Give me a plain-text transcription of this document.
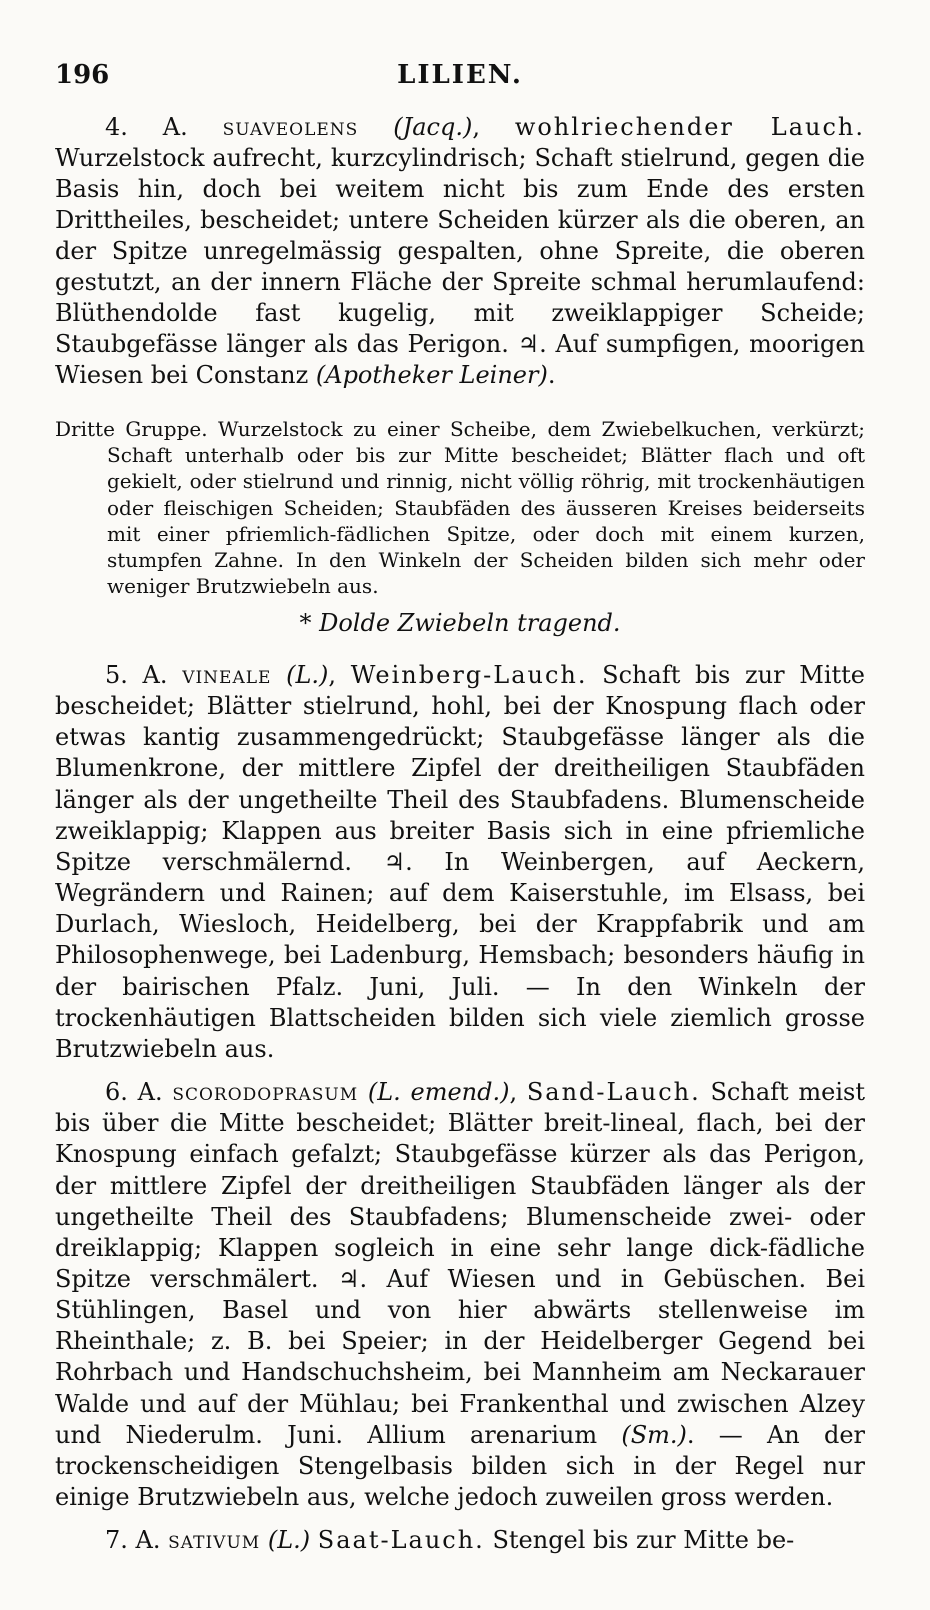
196	LILIEN.

4. A. suaveolens (Jacq.), wohlriechender Lauch. Wurzelstock aufrecht, kurzcylindrisch; Schaft stielrund, gegen die Basis hin, doch bei weitem nicht bis zum Ende des ersten Drittheiles, bescheidet; untere Scheiden kürzer als die oberen, an der Spitze unregelmässig gespalten, ohne Spreite, die oberen gestutzt, an der innern Fläche der Spreite schmal herumlaufend: Blüthendolde fast kugelig, mit zweiklappiger Scheide; Staubgefässe länger als das Perigon. ♃. Auf sumpfigen, moorigen Wiesen bei Constanz (Apotheker Leiner).

Dritte Gruppe. Wurzelstock zu einer Scheibe, dem Zwiebelkuchen, verkürzt; Schaft unterhalb oder bis zur Mitte bescheidet; Blätter flach und oft gekielt, oder stielrund und rinnig, nicht völlig röhrig, mit trockenhäutigen oder fleischigen Scheiden; Staubfäden des äusseren Kreises beiderseits mit einer pfriemlich-fädlichen Spitze, oder doch mit einem kurzen, stumpfen Zahne. In den Winkeln der Scheiden bilden sich mehr oder weniger Brutzwiebeln aus.

* Dolde Zwiebeln tragend.

5. A. vineale (L.), Weinberg-Lauch. Schaft bis zur Mitte bescheidet; Blätter stielrund, hohl, bei der Knospung flach oder etwas kantig zusammengedrückt; Staubgefässe länger als die Blumenkrone, der mittlere Zipfel der dreitheiligen Staubfäden länger als der ungetheilte Theil des Staubfadens. Blumenscheide zweiklappig; Klappen aus breiter Basis sich in eine pfriemliche Spitze verschmälernd. ♃. In Weinbergen, auf Aeckern, Wegrändern und Rainen; auf dem Kaiserstuhle, im Elsass, bei Durlach, Wiesloch, Heidelberg, bei der Krappfabrik und am Philosophenwege, bei Ladenburg, Hemsbach; besonders häufig in der bairischen Pfalz. Juni, Juli. — In den Winkeln der trockenhäutigen Blattscheiden bilden sich viele ziemlich grosse Brutzwiebeln aus.

6. A. scorodoprasum (L. emend.), Sand-Lauch. Schaft meist bis über die Mitte bescheidet; Blätter breit-lineal, flach, bei der Knospung einfach gefalzt; Staubgefässe kürzer als das Perigon, der mittlere Zipfel der dreitheiligen Staubfäden länger als der ungetheilte Theil des Staubfadens; Blumenscheide zwei- oder dreiklappig; Klappen sogleich in eine sehr lange dick-fädliche Spitze verschmälert. ♃. Auf Wiesen und in Gebüschen. Bei Stühlingen, Basel und von hier abwärts stellenweise im Rheinthale; z. B. bei Speier; in der Heidelberger Gegend bei Rohrbach und Handschuchsheim, bei Mannheim am Neckarauer Walde und auf der Mühlau; bei Frankenthal und zwischen Alzey und Niederulm. Juni. Allium arenarium (Sm.). — An der trockenscheidigen Stengelbasis bilden sich in der Regel nur einige Brutzwiebeln aus, welche jedoch zuweilen gross werden.

7. A. sativum (L.) Saat-Lauch. Stengel bis zur Mitte be-
